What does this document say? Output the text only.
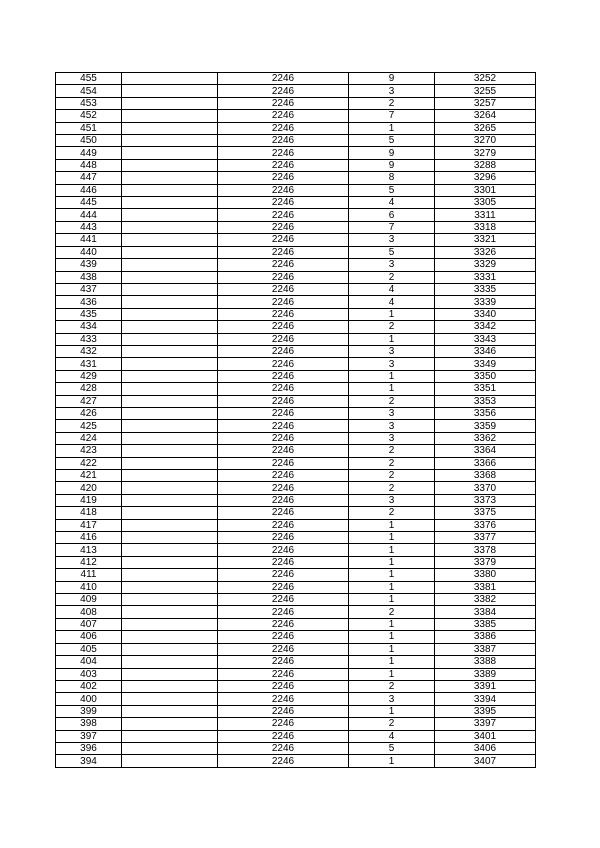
455		2246	9	3252
454		2246	3	3255
453		2246	2	3257
452		2246	7	3264
451		2246	1	3265
450		2246	5	3270
449		2246	9	3279
448		2246	9	3288
447		2246	8	3296
446		2246	5	3301
445		2246	4	3305
444		2246	6	3311
443		2246	7	3318
441		2246	3	3321
440		2246	5	3326
439		2246	3	3329
438		2246	2	3331
437		2246	4	3335
436		2246	4	3339
435		2246	1	3340
434		2246	2	3342
433		2246	1	3343
432		2246	3	3346
431		2246	3	3349
429		2246	1	3350
428		2246	1	3351
427		2246	2	3353
426		2246	3	3356
425		2246	3	3359
424		2246	3	3362
423		2246	2	3364
422		2246	2	3366
421		2246	2	3368
420		2246	2	3370
419		2246	3	3373
418		2246	2	3375
417		2246	1	3376
416		2246	1	3377
413		2246	1	3378
412		2246	1	3379
411		2246	1	3380
410		2246	1	3381
409		2246	1	3382
408		2246	2	3384
407		2246	1	3385
406		2246	1	3386
405		2246	1	3387
404		2246	1	3388
403		2246	1	3389
402		2246	2	3391
400		2246	3	3394
399		2246	1	3395
398		2246	2	3397
397		2246	4	3401
396		2246	5	3406
394		2246	1	3407
